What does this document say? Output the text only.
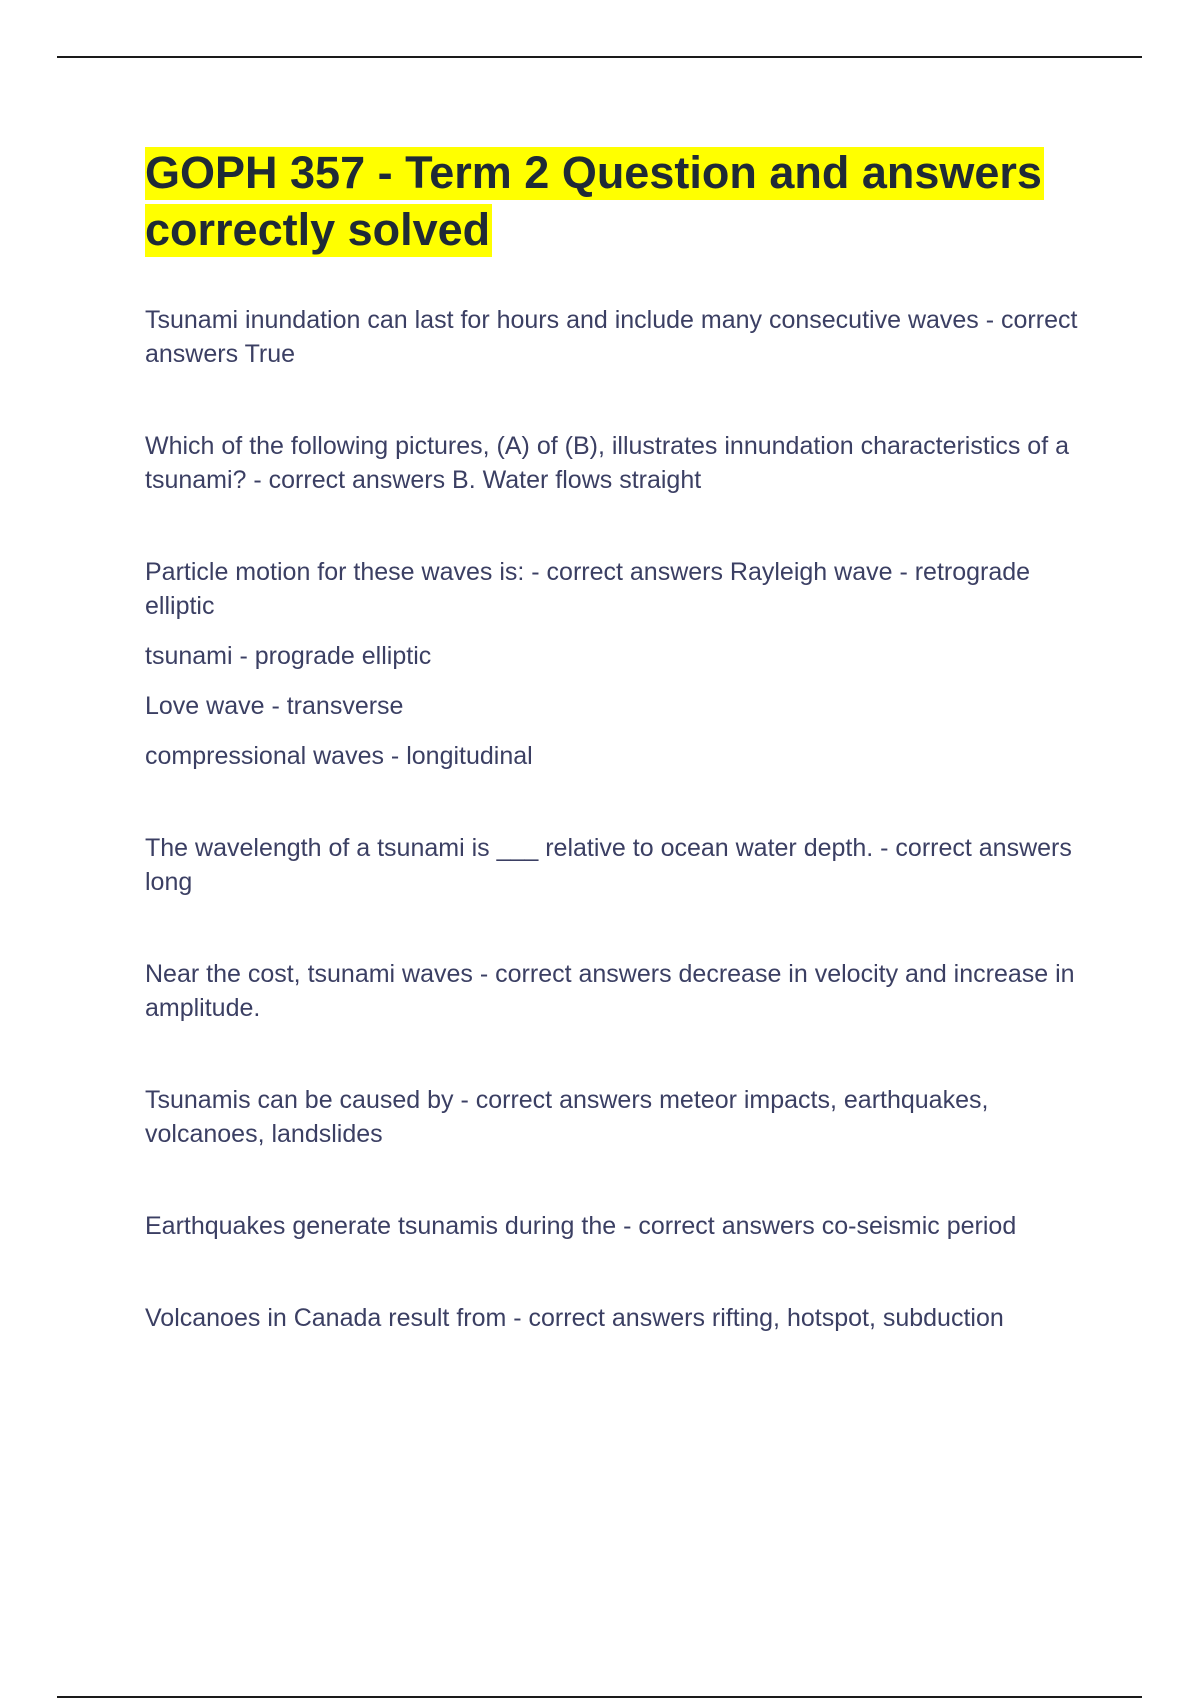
GOPH 357 - Term 2 Question and answers correctly solved

Tsunami inundation can last for hours and include many consecutive waves - correct answers True

Which of the following pictures, (A) of (B), illustrates innundation characteristics of a tsunami? - correct answers B. Water flows straight

Particle motion for these waves is: - correct answers Rayleigh wave - retrograde elliptic

tsunami - prograde elliptic

Love wave - transverse

compressional waves - longitudinal

The wavelength of a tsunami is ___ relative to ocean water depth. - correct answers long

Near the cost, tsunami waves - correct answers decrease in velocity and increase in amplitude.

Tsunamis can be caused by - correct answers meteor impacts, earthquakes, volcanoes, landslides

Earthquakes generate tsunamis during the - correct answers co-seismic period

Volcanoes in Canada result from - correct answers rifting, hotspot, subduction
